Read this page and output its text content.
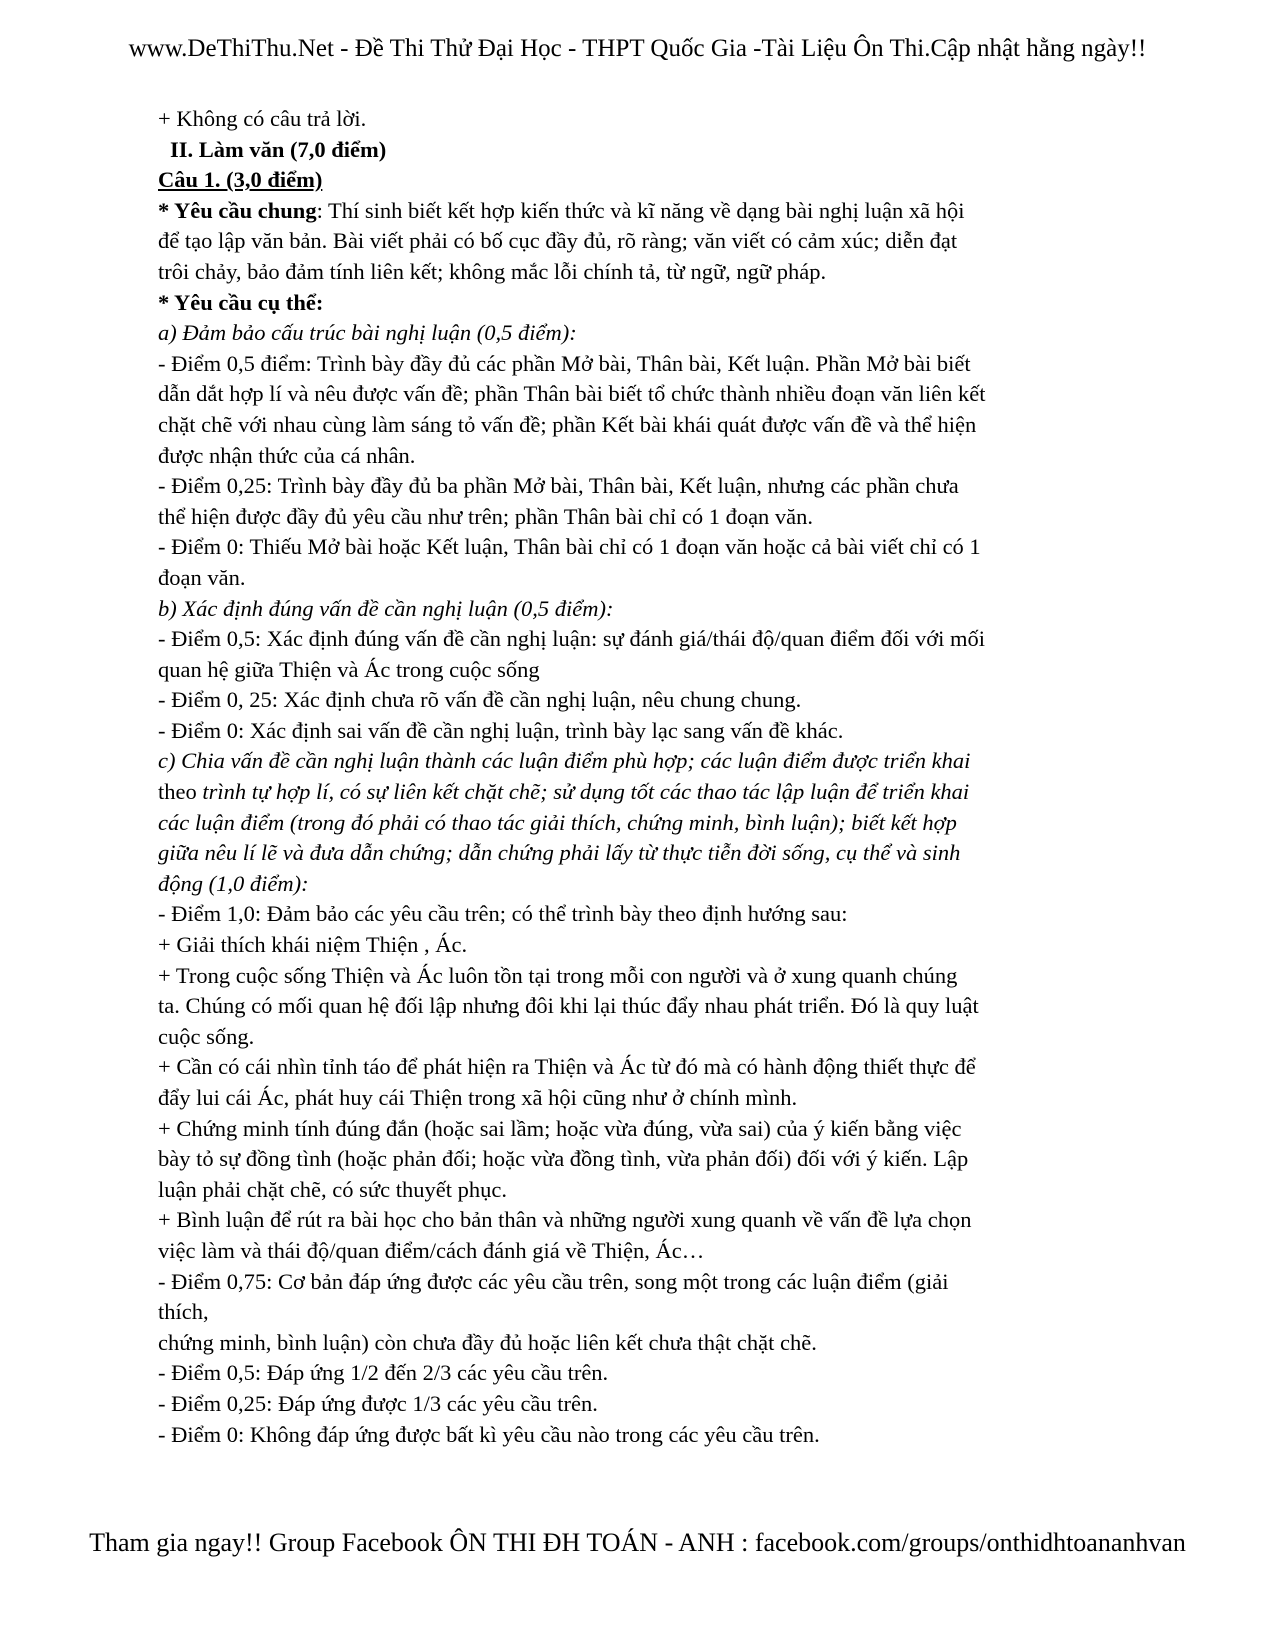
www.DeThiThu.Net - Đề Thi Thử Đại Học - THPT Quốc Gia -Tài Liệu Ôn Thi.Cập nhật hằng ngày!!

+ Không có câu trả lời.

II. Làm văn (7,0 điểm)

Câu 1. (3,0 điểm)

* Yêu cầu chung: Thí sinh biết kết hợp kiến thức và kĩ năng về dạng bài nghị luận xã hội

để tạo lập văn bản. Bài viết phải có bố cục đầy đủ, rõ ràng; văn viết có cảm xúc; diễn đạt

trôi chảy, bảo đảm tính liên kết; không mắc lỗi chính tả, từ ngữ, ngữ pháp.

* Yêu cầu cụ thể:

a) Đảm bảo cấu trúc bài nghị luận (0,5 điểm):

- Điểm 0,5 điểm: Trình bày đầy đủ các phần Mở bài, Thân bài, Kết luận. Phần Mở bài biết

dẫn dắt hợp lí và nêu được vấn đề; phần Thân bài biết tổ chức thành nhiều đoạn văn liên kết

chặt chẽ với nhau cùng làm sáng tỏ vấn đề; phần Kết bài khái quát được vấn đề và thể hiện

được nhận thức của cá nhân.

- Điểm 0,25: Trình bày đầy đủ ba phần Mở bài, Thân bài, Kết luận, nhưng các phần chưa

thể hiện được đầy đủ yêu cầu như trên; phần Thân bài chỉ có 1 đoạn văn.

- Điểm 0: Thiếu Mở bài hoặc Kết luận, Thân bài chỉ có 1 đoạn văn hoặc cả bài viết chỉ có 1

đoạn văn.

b) Xác định đúng vấn đề cần nghị luận (0,5 điểm):

- Điểm 0,5: Xác định đúng vấn đề cần nghị luận: sự đánh giá/thái độ/quan điểm đối với mối

quan hệ giữa Thiện và Ác trong cuộc sống

- Điểm 0, 25: Xác định chưa rõ vấn đề cần nghị luận, nêu chung chung.

- Điểm 0: Xác định sai vấn đề cần nghị luận, trình bày lạc sang vấn đề khác.

c) Chia vấn đề cần nghị luận thành các luận điểm phù hợp; các luận điểm được triển khai

theo trình tự hợp lí, có sự liên kết chặt chẽ; sử dụng tốt các thao tác lập luận để triển khai

các luận điểm (trong đó phải có thao tác giải thích, chứng minh, bình luận); biết kết hợp

giữa nêu lí lẽ và đưa dẫn chứng; dẫn chứng phải lấy từ thực tiễn đời sống, cụ thể và sinh

động (1,0 điểm):

- Điểm 1,0: Đảm bảo các yêu cầu trên; có thể trình bày theo định hướng sau:

+ Giải thích khái niệm Thiện , Ác.

+ Trong cuộc sống Thiện và Ác luôn tồn tại trong mỗi con người và ở xung quanh chúng

ta. Chúng có mối quan hệ đối lập nhưng đôi khi lại thúc đẩy nhau phát triển. Đó là quy luật

cuộc sống.

+ Cần có cái nhìn tỉnh táo để phát hiện ra Thiện và Ác từ đó mà có hành động thiết thực để

đẩy lui cái Ác, phát huy cái Thiện trong xã hội cũng như ở chính mình.

+ Chứng minh tính đúng đắn (hoặc sai lầm; hoặc vừa đúng, vừa sai) của ý kiến bằng việc

bày tỏ sự đồng tình (hoặc phản đối; hoặc vừa đồng tình, vừa phản đối) đối với ý kiến. Lập

luận phải chặt chẽ, có sức thuyết phục.

+ Bình luận để rút ra bài học cho bản thân và những người xung quanh về vấn đề lựa chọn

việc làm và thái độ/quan điểm/cách đánh giá về Thiện, Ác…

- Điểm 0,75: Cơ bản đáp ứng được các yêu cầu trên, song một trong các luận điểm (giải

thích,

chứng minh, bình luận) còn chưa đầy đủ hoặc liên kết chưa thật chặt chẽ.

- Điểm 0,5: Đáp ứng 1/2 đến 2/3 các yêu cầu trên.

- Điểm 0,25: Đáp ứng được 1/3 các yêu cầu trên.

- Điểm 0: Không đáp ứng được bất kì yêu cầu nào trong các yêu cầu trên.

Tham gia ngay!! Group Facebook ÔN THI ĐH TOÁN - ANH : facebook.com/groups/onthidhtoananhvan
